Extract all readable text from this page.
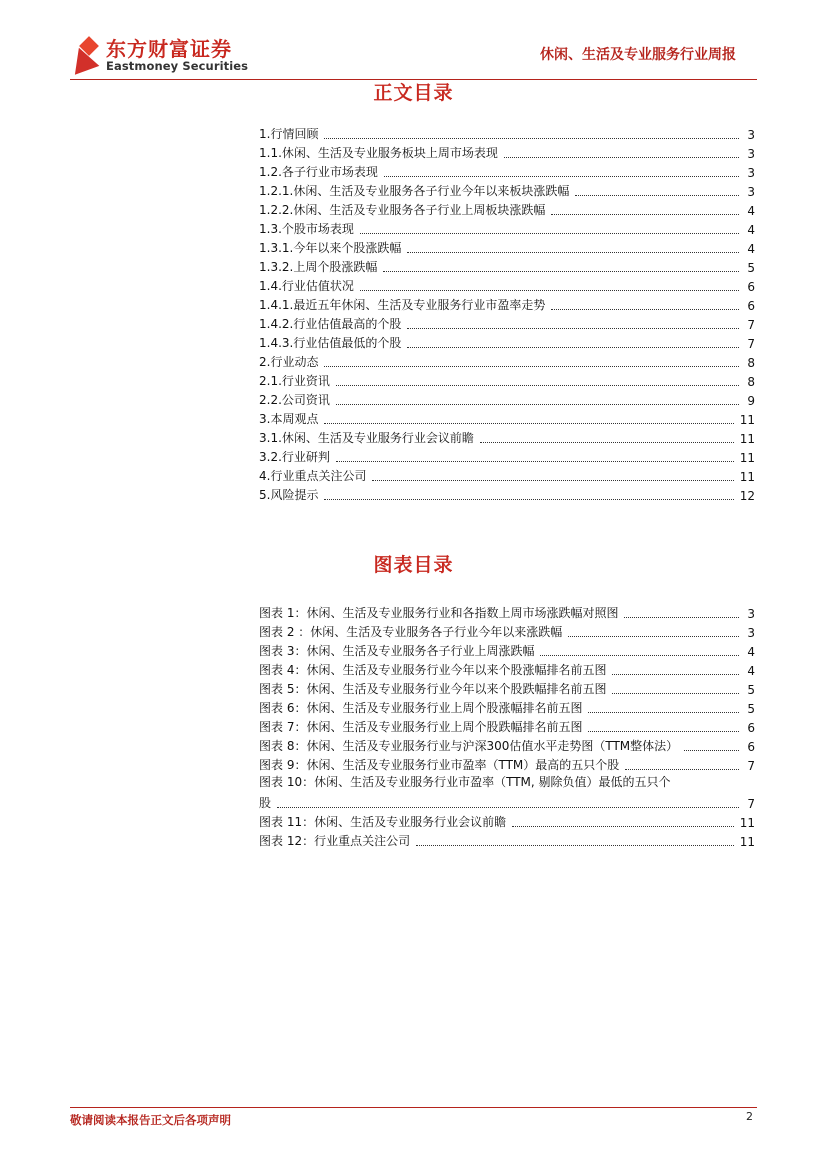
东方财富证券
Eastmoney Securities
休闲、生活及专业服务行业周报
正文目录
1.行情回顾	3
1.1.休闲、生活及专业服务板块上周市场表现	3
1.2.各子行业市场表现	3
1.2.1.休闲、生活及专业服务各子行业今年以来板块涨跌幅	3
1.2.2.休闲、生活及专业服务各子行业上周板块涨跌幅	4
1.3.个股市场表现	4
1.3.1.今年以来个股涨跌幅	4
1.3.2.上周个股涨跌幅	5
1.4.行业估值状况	6
1.4.1.最近五年休闲、生活及专业服务行业市盈率走势	6
1.4.2.行业估值最高的个股	7
1.4.3.行业估值最低的个股	7
2.行业动态	8
2.1.行业资讯	8
2.2.公司资讯	9
3.本周观点	11
3.1.休闲、生活及专业服务行业会议前瞻	11
3.2.行业研判	11
4.行业重点关注公司	11
5.风险提示	12
图表目录
图表 1：休闲、生活及专业服务行业和各指数上周市场涨跌幅对照图	3
图表 2 ：休闲、生活及专业服务各子行业今年以来涨跌幅	3
图表 3：休闲、生活及专业服务各子行业上周涨跌幅	4
图表 4：休闲、生活及专业服务行业今年以来个股涨幅排名前五图	4
图表 5：休闲、生活及专业服务行业今年以来个股跌幅排名前五图	5
图表 6：休闲、生活及专业服务行业上周个股涨幅排名前五图	5
图表 7：休闲、生活及专业服务行业上周个股跌幅排名前五图	6
图表 8：休闲、生活及专业服务行业与沪深300估值水平走势图（TTM整体法）	6
图表 9：休闲、生活及专业服务行业市盈率（TTM）最高的五只个股	7
图表 10：休闲、生活及专业服务行业市盈率（TTM, 剔除负值）最低的五只个
股	7
图表 11：休闲、生活及专业服务行业会议前瞻	11
图表 12：行业重点关注公司	11
敬请阅读本报告正文后各项声明	2
